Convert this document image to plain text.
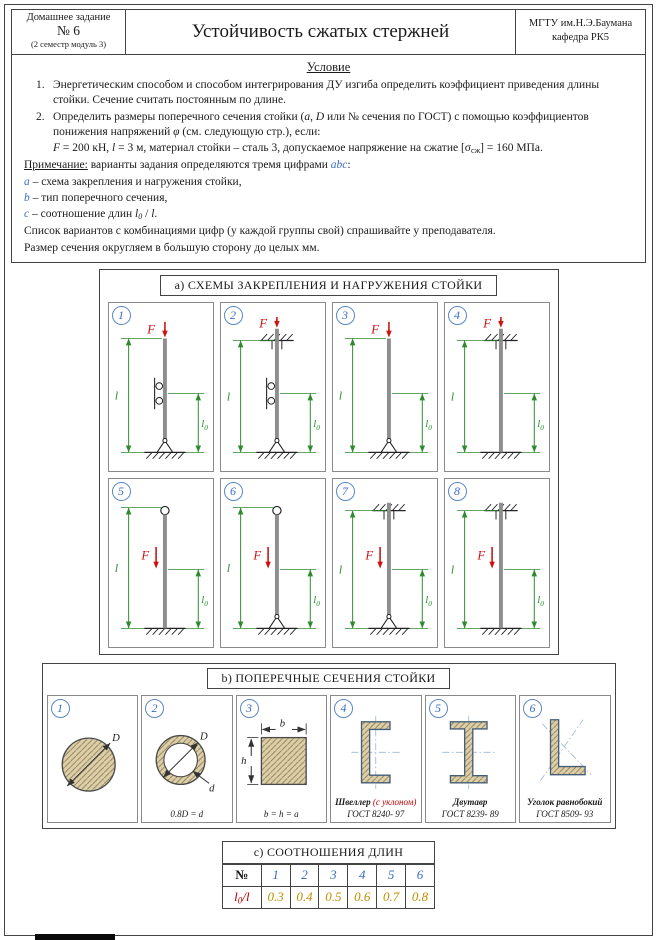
Домашнее задание
№ 6
(2 семестр модуль 3)
Устойчивость сжатых стержней	МГТУ им.Н.Э.Баумана
кафедра РК5
Условие
1. Энергетическим способом и способом интегрирования ДУ изгиба определить коэффициент приведения длины стойки. Сечение считать постоянным по длине.
2. Определить размеры поперечного сечения стойки (a, D или № сечения по ГОСТ) с помощью коэффициентов понижения напряжений φ (см. следующую стр.), если:
F = 200 кН, l = 3 м, материал стойки – сталь 3, допускаемое напряжение на сжатие $[\sigma_{сж}] = 160$ МПа.
Примечание: варианты задания определяются тремя цифрами abc:
a – схема закрепления и нагружения стойки,
b – тип поперечного сечения,
c – соотношение длин $l_0$ / l.
Список вариантов с комбинациями цифр (у каждой группы свой) спрашивайте у преподавателя.
Размер сечения округляем в большую сторону до целых мм.
a) СХЕМЫ ЗАКРЕПЛЕНИЯ И НАГРУЖЕНИЯ СТОЙКИ
1
F
l
$l_0$
2
F
l
$l_0$
3
F
l
$l_0$
4
F
l
$l_0$
5
F
l
$l_0$
6
F
l
$l_0$
7
F
l
$l_0$
8
F
l
$l_0$
b) ПОПЕРЕЧНЫЕ СЕЧЕНИЯ СТОЙКИ
1
D
2
D
d
0.8D = d
3
b
h
b = h = a
4
Швеллер (с уклоном)
ГОСТ 8240- 97
5
Двутавр
ГОСТ 8239- 89
6
Уголок равнобокий
ГОСТ 8509- 93
c) СООТНОШЕНИЯ ДЛИН
№	1	2	3	4	5	6
$l_0/l$	0.3	0.4	0.5	0.6	0.7	0.8
